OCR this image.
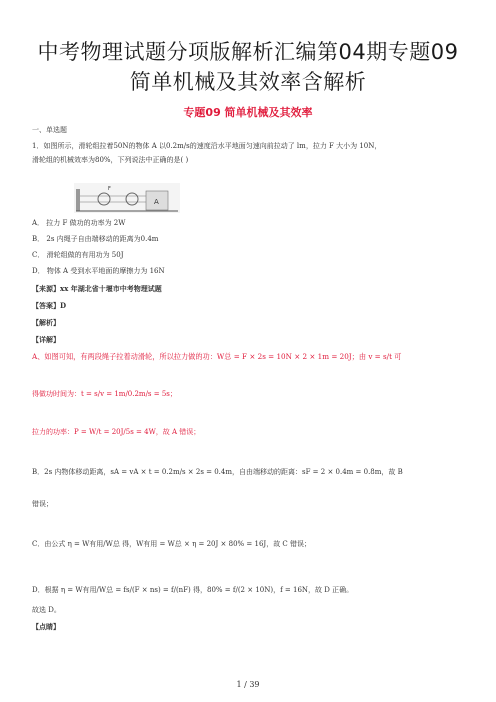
中考物理试题分项版解析汇编第04期专题09
简单机械及其效率含解析
专题09 简单机械及其效率
一、单选题
1．如图所示，滑轮组拉着50N的物体 A 以0.2m/s的速度沿水平地面匀速向前拉动了 lm，拉力 F 大小为 10N，
滑轮组的机械效率为80%，下列说法中正确的是( )
A
F
A． 拉力 F 做功的功率为 2W
B． 2s 内绳子自由端移动的距离为0.4m
C． 滑轮组做的有用功为 50J
D． 物体 A 受到水平地面的摩擦力为 16N
【来源】xx 年湖北省十堰市中考物理试题
【答案】D
【解析】
【详解】
A、如图可知，有两段绳子拉着动滑轮，所以拉力做的功：W总 = F × 2s = 10N × 2 × 1m = 20J；由 v = s/t 可
得做功时间为：t = s/v = 1m/0.2m/s = 5s；
拉力的功率：P = W/t = 20J/5s = 4W，故 A 错误；
B．2s 内物体移动距离，sA = vA × t = 0.2m/s × 2s = 0.4m，自由端移动的距离：sF = 2 × 0.4m = 0.8m，故 B
错误；
C．由公式 η = W有用/W总 得，W有用 = W总 × η = 20J × 80% = 16J，故 C 错误；
D．根据 η = W有用/W总 = fs/(F × ns) = f/(nF) 得，80% = f/(2 × 10N)，f = 16N，故 D 正确。
故选 D。
【点睛】
1 / 39
